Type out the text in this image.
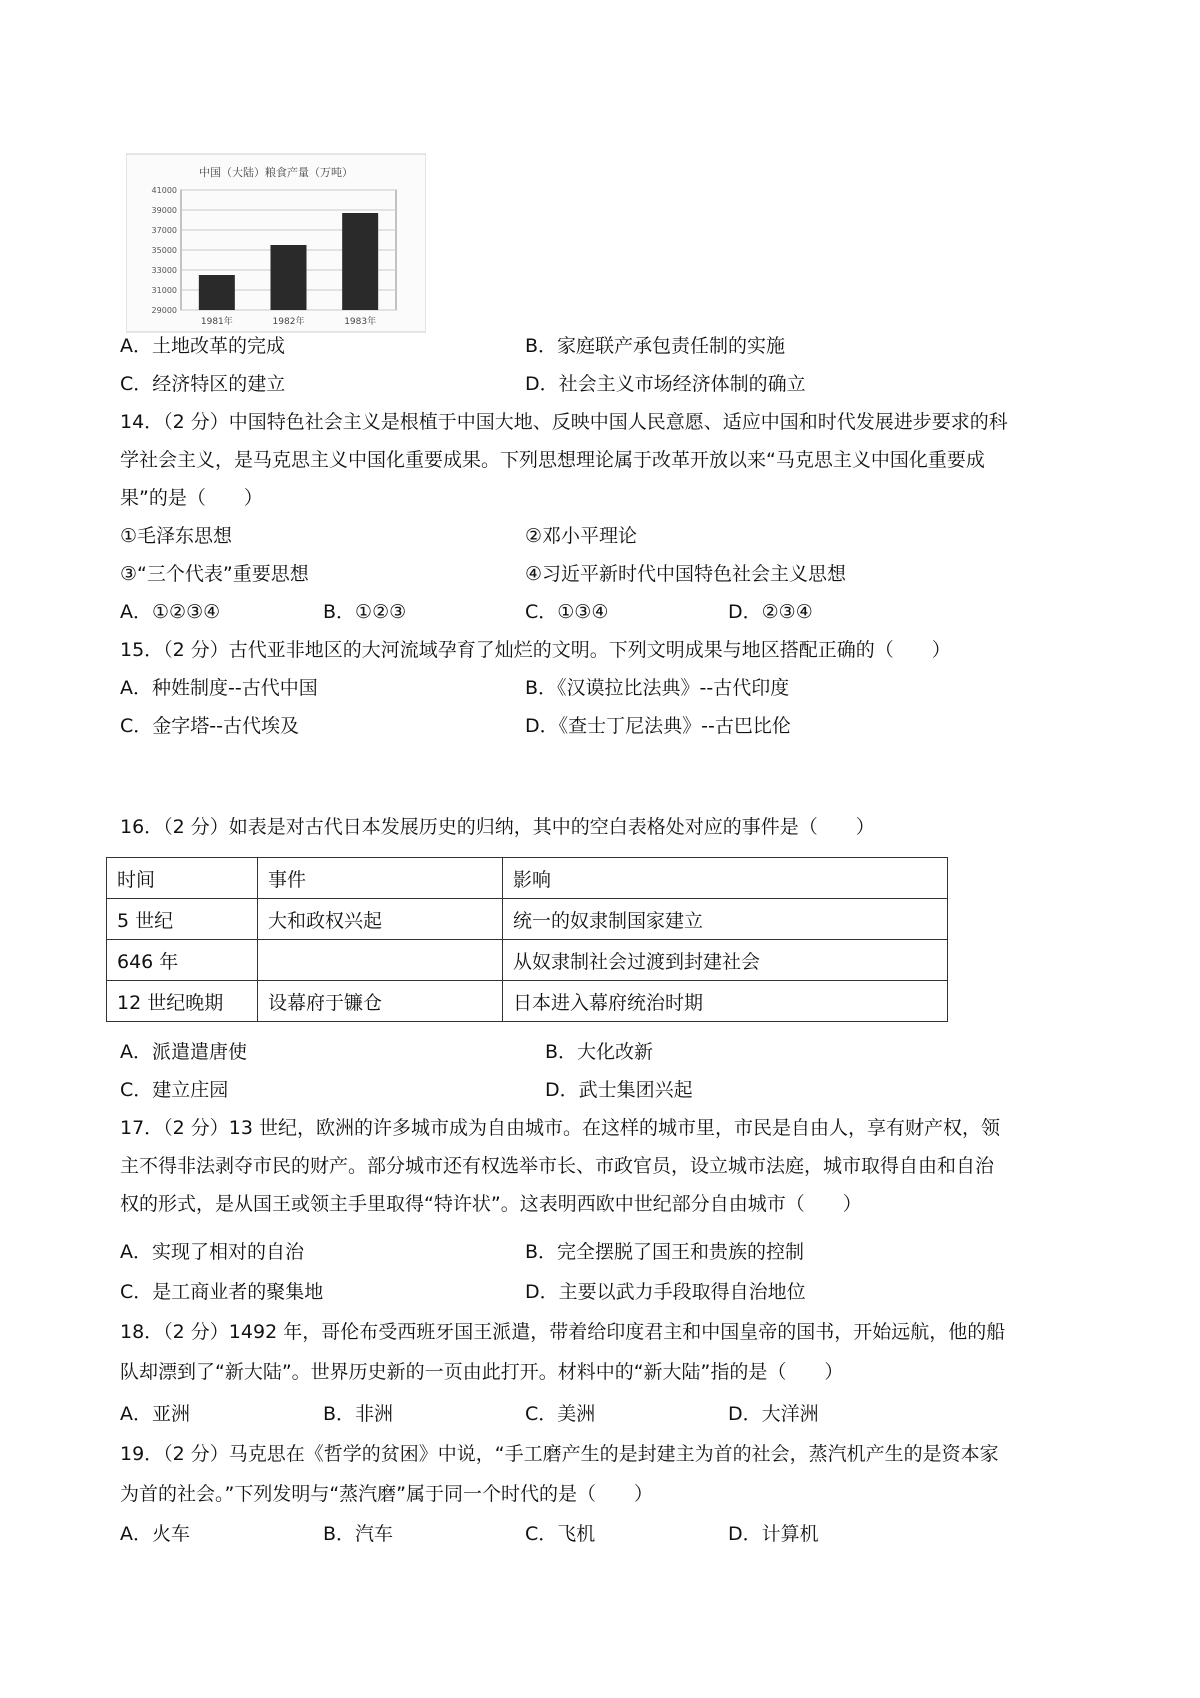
中国（大陆）粮食产量（万吨）
41000
39000
37000
35000
33000
31000
29000
1981年	1982年	1983年
A．土地改革的完成	B．家庭联产承包责任制的实施
C．经济特区的建立	D．社会主义市场经济体制的确立
14．（2 分）中国特色社会主义是根植于中国大地、反映中国人民意愿、适应中国和时代发展进步要求的科
学社会主义，是马克思主义中国化重要成果。下列思想理论属于改革开放以来“马克思主义中国化重要成
果”的是（　　）
①毛泽东思想	②邓小平理论
③“三个代表”重要思想	④习近平新时代中国特色社会主义思想
A．①②③④	B．①②③	C．①③④	D．②③④
15．（2 分）古代亚非地区的大河流域孕育了灿烂的文明。下列文明成果与地区搭配正确的（　　）
A．种姓制度--古代中国	B．《汉谟拉比法典》--古代印度
C．金字塔--古代埃及	D．《查士丁尼法典》--古巴比伦
16．（2 分）如表是对古代日本发展历史的归纳，其中的空白表格处对应的事件是（　　）
时间	事件	影响
5 世纪	大和政权兴起	统一的奴隶制国家建立
646 年		从奴隶制社会过渡到封建社会
12 世纪晚期	设幕府于镰仓	日本进入幕府统治时期
A．派遣遣唐使	B．大化改新
C．建立庄园	D．武士集团兴起
17．（2 分）13 世纪，欧洲的许多城市成为自由城市。在这样的城市里，市民是自由人，享有财产权，领
主不得非法剥夺市民的财产。部分城市还有权选举市长、市政官员，设立城市法庭，城市取得自由和自治
权的形式，是从国王或领主手里取得“特许状”。这表明西欧中世纪部分自由城市（　　）
A．实现了相对的自治	B．完全摆脱了国王和贵族的控制
C．是工商业者的聚集地	D．主要以武力手段取得自治地位
18．（2 分）1492 年，哥伦布受西班牙国王派遣，带着给印度君主和中国皇帝的国书，开始远航，他的船
队却漂到了“新大陆”。世界历史新的一页由此打开。材料中的“新大陆”指的是（　　）
A．亚洲	B．非洲	C．美洲	D．大洋洲
19．（2 分）马克思在《哲学的贫困》中说，“手工磨产生的是封建主为首的社会，蒸汽机产生的是资本家
为首的社会。”下列发明与“蒸汽磨”属于同一个时代的是（　　）
A．火车	B．汽车	C．飞机	D．计算机
